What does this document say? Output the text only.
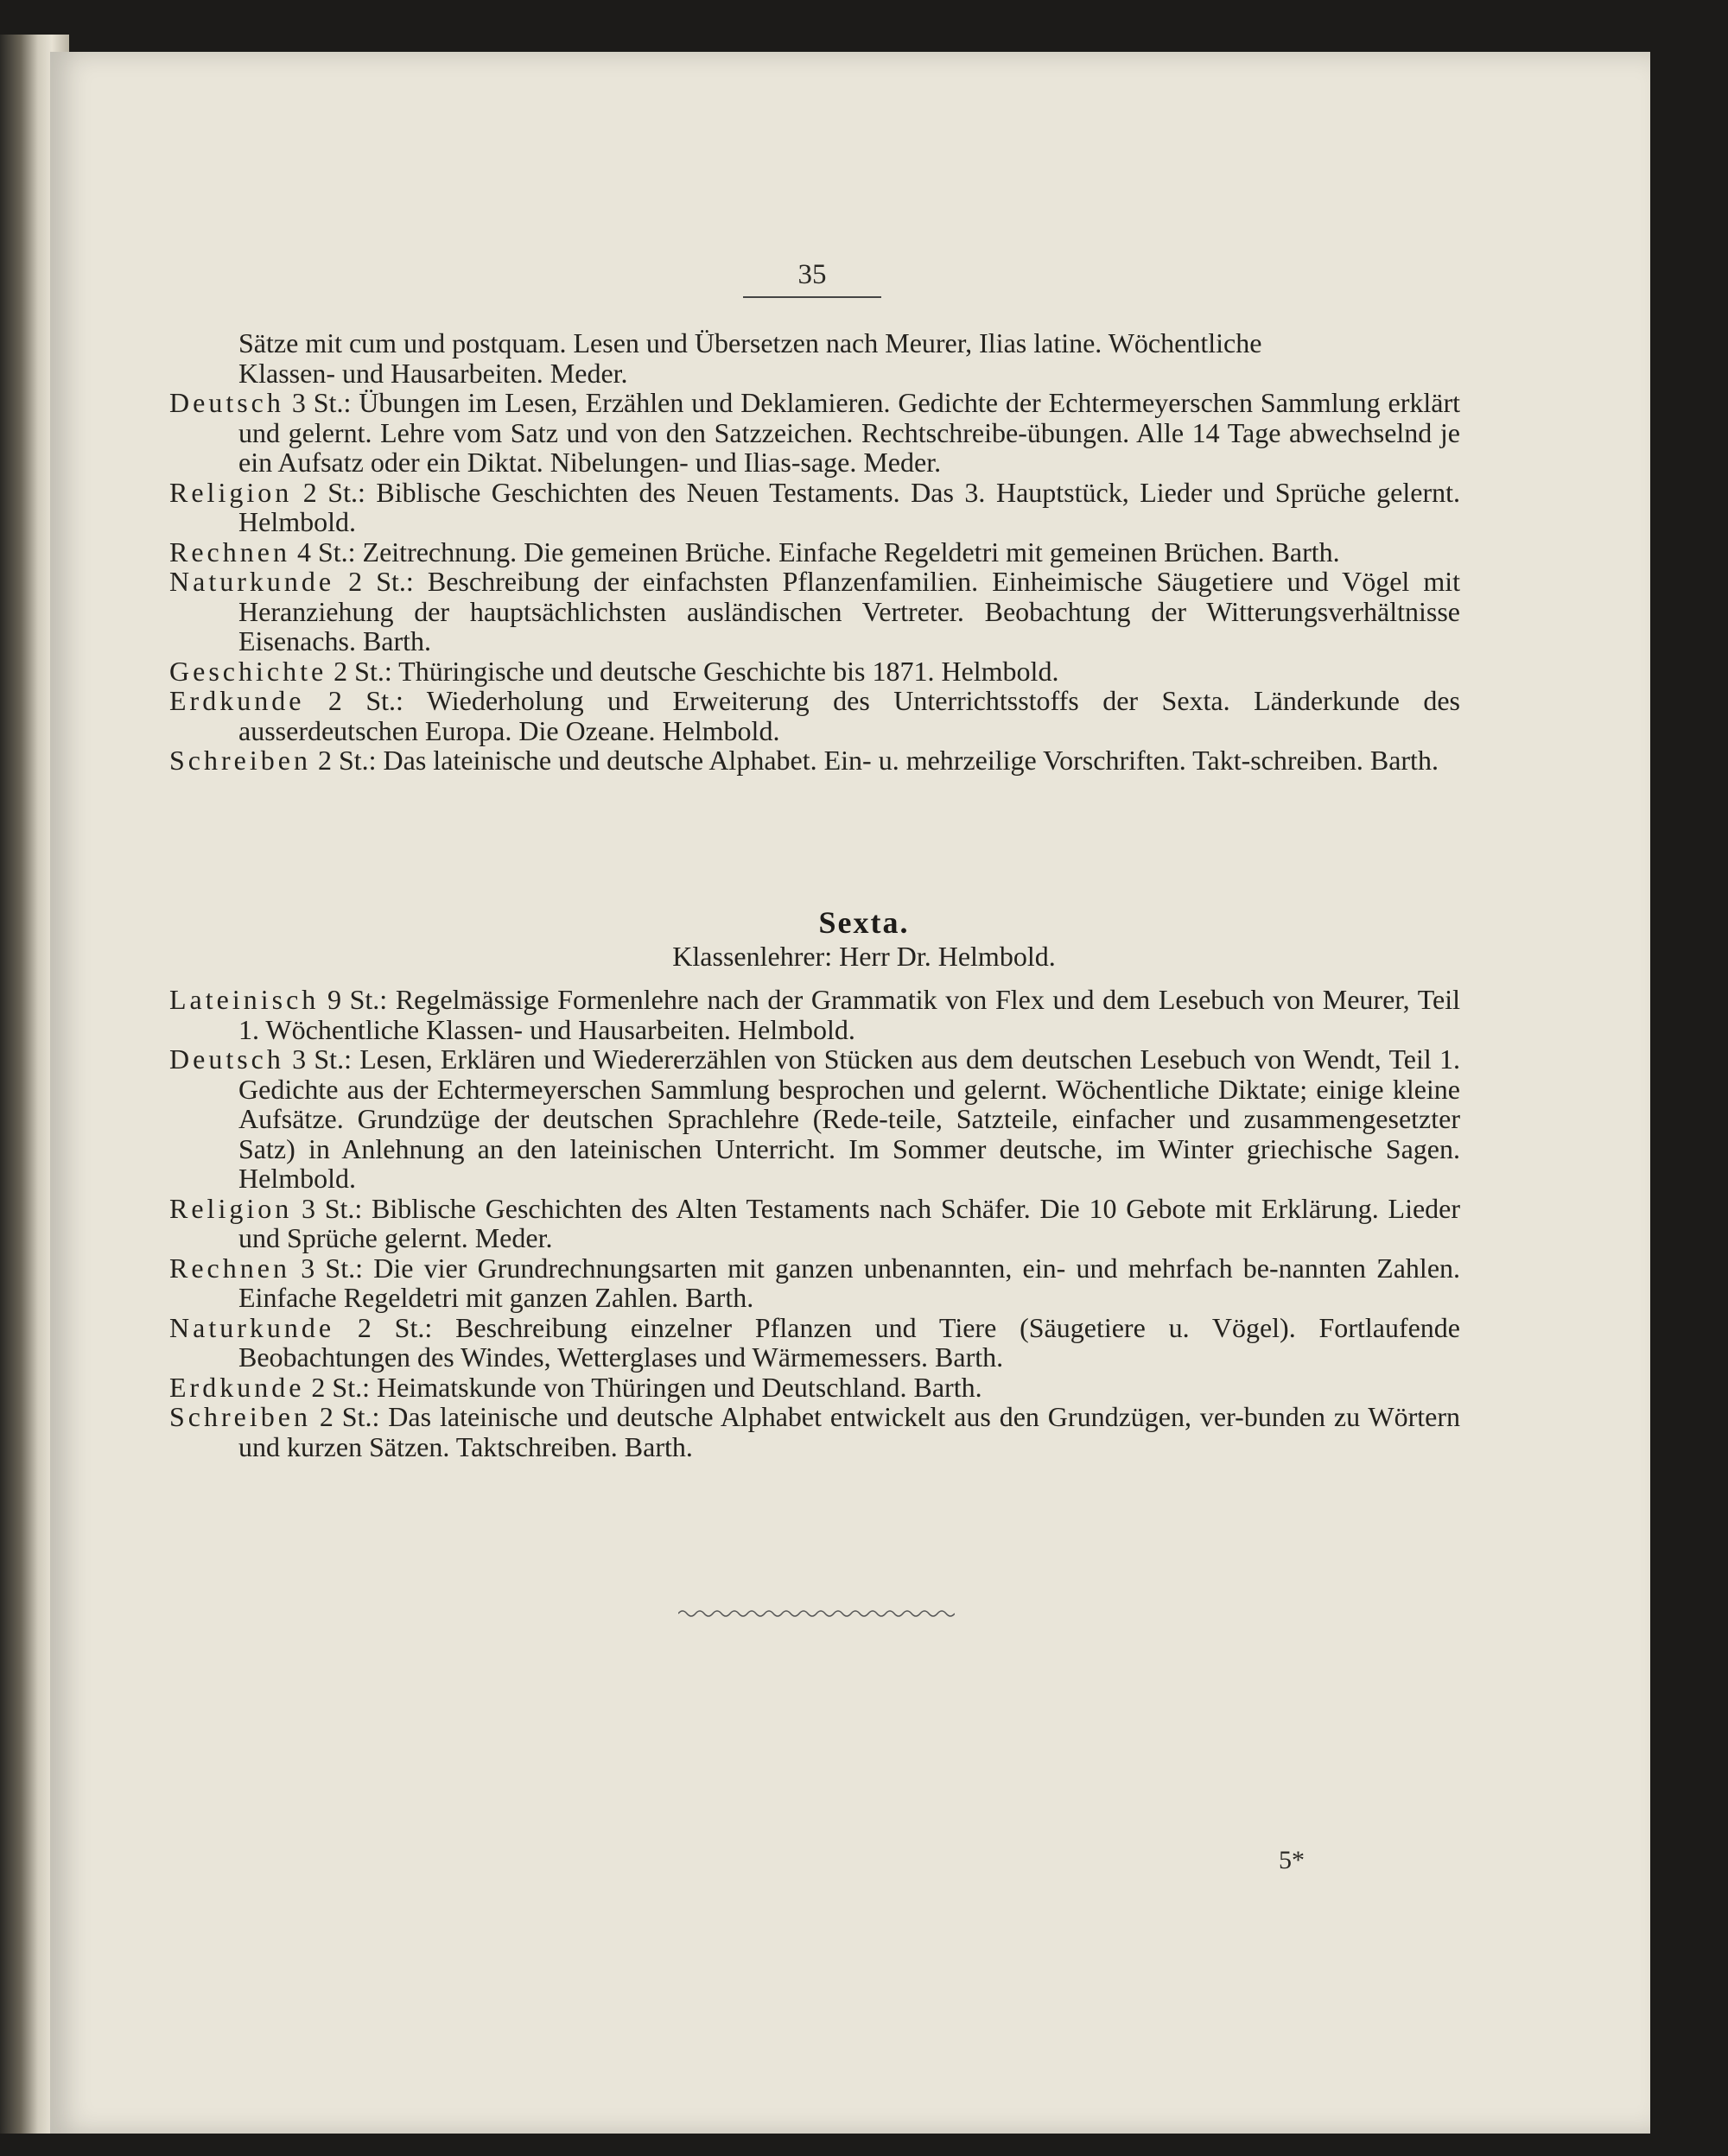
35
Sätze mit cum und postquam. Lesen und Übersetzen nach Meurer, Ilias latine. Wöchentliche
Klassen- und Hausarbeiten. Meder.
Deutsch 3 St.: Übungen im Lesen, Erzählen und Deklamieren. Gedichte der Echtermeyerschen Sammlung erklärt und gelernt. Lehre vom Satz und von den Satzzeichen. Rechtschreibe-übungen. Alle 14 Tage abwechselnd je ein Aufsatz oder ein Diktat. Nibelungen- und Ilias-sage. Meder.
Religion 2 St.: Biblische Geschichten des Neuen Testaments. Das 3. Hauptstück, Lieder und Sprüche gelernt. Helmbold.
Rechnen 4 St.: Zeitrechnung. Die gemeinen Brüche. Einfache Regeldetri mit gemeinen Brüchen. Barth.
Naturkunde 2 St.: Beschreibung der einfachsten Pflanzenfamilien. Einheimische Säugetiere und Vögel mit Heranziehung der hauptsächlichsten ausländischen Vertreter. Beobachtung der Witterungsverhältnisse Eisenachs. Barth.
Geschichte 2 St.: Thüringische und deutsche Geschichte bis 1871. Helmbold.
Erdkunde 2 St.: Wiederholung und Erweiterung des Unterrichtsstoffs der Sexta. Länderkunde des ausserdeutschen Europa. Die Ozeane. Helmbold.
Schreiben 2 St.: Das lateinische und deutsche Alphabet. Ein- u. mehrzeilige Vorschriften. Takt-schreiben. Barth.
Sexta.
Klassenlehrer: Herr Dr. Helmbold.
Lateinisch 9 St.: Regelmässige Formenlehre nach der Grammatik von Flex und dem Lesebuch von Meurer, Teil 1. Wöchentliche Klassen- und Hausarbeiten. Helmbold.
Deutsch 3 St.: Lesen, Erklären und Wiedererzählen von Stücken aus dem deutschen Lesebuch von Wendt, Teil 1. Gedichte aus der Echtermeyerschen Sammlung besprochen und gelernt. Wöchentliche Diktate; einige kleine Aufsätze. Grundzüge der deutschen Sprachlehre (Rede-teile, Satzteile, einfacher und zusammengesetzter Satz) in Anlehnung an den lateinischen Unterricht. Im Sommer deutsche, im Winter griechische Sagen. Helmbold.
Religion 3 St.: Biblische Geschichten des Alten Testaments nach Schäfer. Die 10 Gebote mit Erklärung. Lieder und Sprüche gelernt. Meder.
Rechnen 3 St.: Die vier Grundrechnungsarten mit ganzen unbenannten, ein- und mehrfach be-nannten Zahlen. Einfache Regeldetri mit ganzen Zahlen. Barth.
Naturkunde 2 St.: Beschreibung einzelner Pflanzen und Tiere (Säugetiere u. Vögel). Fortlaufende Beobachtungen des Windes, Wetterglases und Wärmemessers. Barth.
Erdkunde 2 St.: Heimatskunde von Thüringen und Deutschland. Barth.
Schreiben 2 St.: Das lateinische und deutsche Alphabet entwickelt aus den Grundzügen, ver-bunden zu Wörtern und kurzen Sätzen. Taktschreiben. Barth.
5*
